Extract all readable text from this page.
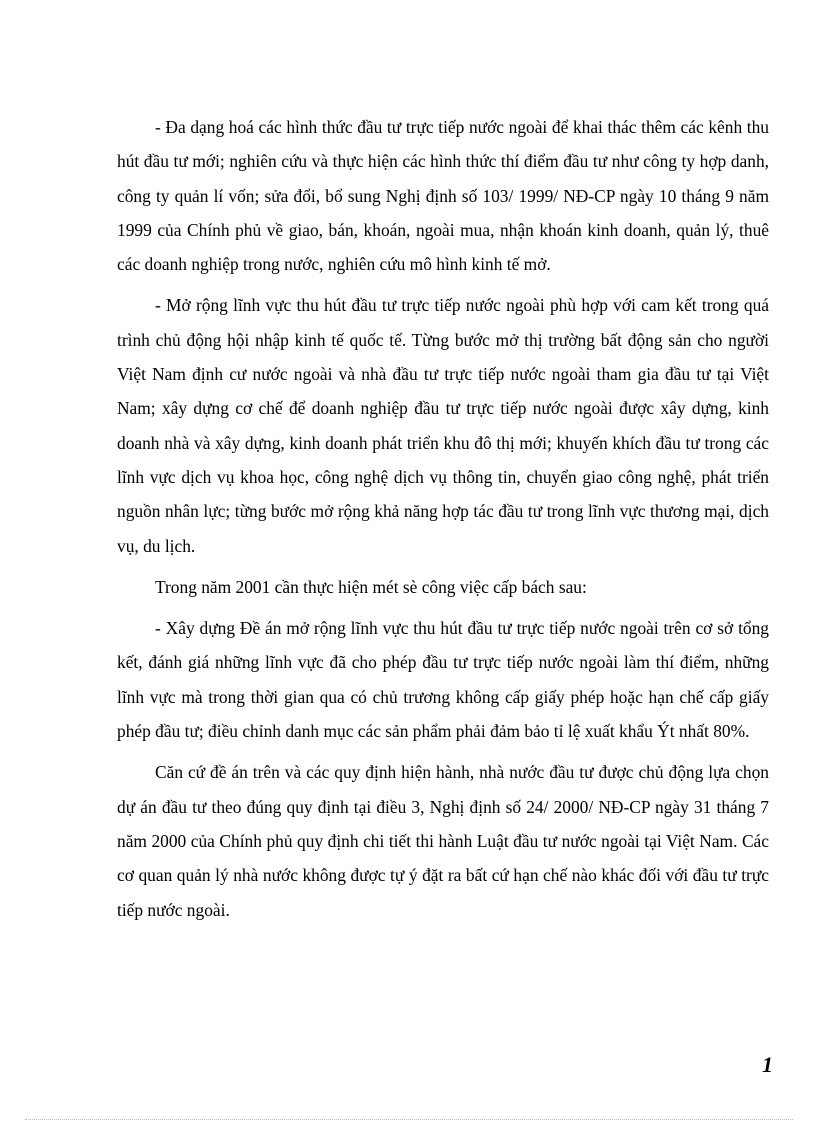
- Đa dạng hoá các hình thức đầu tư trực tiếp nước ngoài để khai thác thêm các kênh thu hút đầu tư mới; nghiên cứu và thực hiện các hình thức thí điểm đầu tư như công ty hợp danh, công ty quản lí vốn; sửa đổi, bổ sung Nghị định số 103/ 1999/ NĐ-CP ngày 10 tháng 9 năm 1999 của Chính phủ về giao, bán, khoán, ngoài mua, nhận khoán kinh doanh, quản lý, thuê các doanh nghiệp trong nước, nghiên cứu mô hình kinh tế mở.

- Mở rộng lĩnh vực thu hút đầu tư trực tiếp nước ngoài phù hợp với cam kết trong quá trình chủ động hội nhập kinh tế quốc tế. Từng bước mở thị trường bất động sản cho người Việt Nam định cư nước ngoài và nhà đầu tư trực tiếp nước ngoài tham gia đầu tư tại Việt Nam; xây dựng cơ chế để doanh nghiệp đầu tư trực tiếp nước ngoài được xây dựng, kinh doanh nhà và xây dựng, kinh doanh phát triển khu đô thị mới; khuyến khích đầu tư trong các lĩnh vực dịch vụ khoa học, công nghệ dịch vụ thông tin, chuyển giao công nghệ, phát triển nguồn nhân lực; từng bước mở rộng khả năng hợp tác đầu tư trong lĩnh vực thương mại, dịch vụ, du lịch.

Trong năm 2001 cần thực hiện mét sè công việc cấp bách sau:

- Xây dựng Đề án mở rộng lĩnh vực thu hút đầu tư trực tiếp nước ngoài trên cơ sở tổng kết, đánh giá những lĩnh vực đã cho phép đầu tư trực tiếp nước ngoài làm thí điểm, những lĩnh vực mà trong thời gian qua có chủ trương không cấp giấy phép hoặc hạn chế cấp giấy phép đầu tư; điều chỉnh danh mục các sản phẩm phải đảm bảo tỉ lệ xuất khẩu Ýt nhất 80%.

Căn cứ đề án trên và các quy định hiện hành, nhà nước đầu tư được chủ động lựa chọn dự án đầu tư theo đúng quy định tại điều 3, Nghị định số 24/ 2000/ NĐ-CP ngày 31 tháng 7 năm 2000 của Chính phủ quy định chi tiết thi hành Luật đầu tư nước ngoài tại Việt Nam. Các cơ quan quản lý nhà nước không được tự ý đặt ra bất cứ hạn chế nào khác đối với đầu tư trực tiếp nước ngoài.

1
